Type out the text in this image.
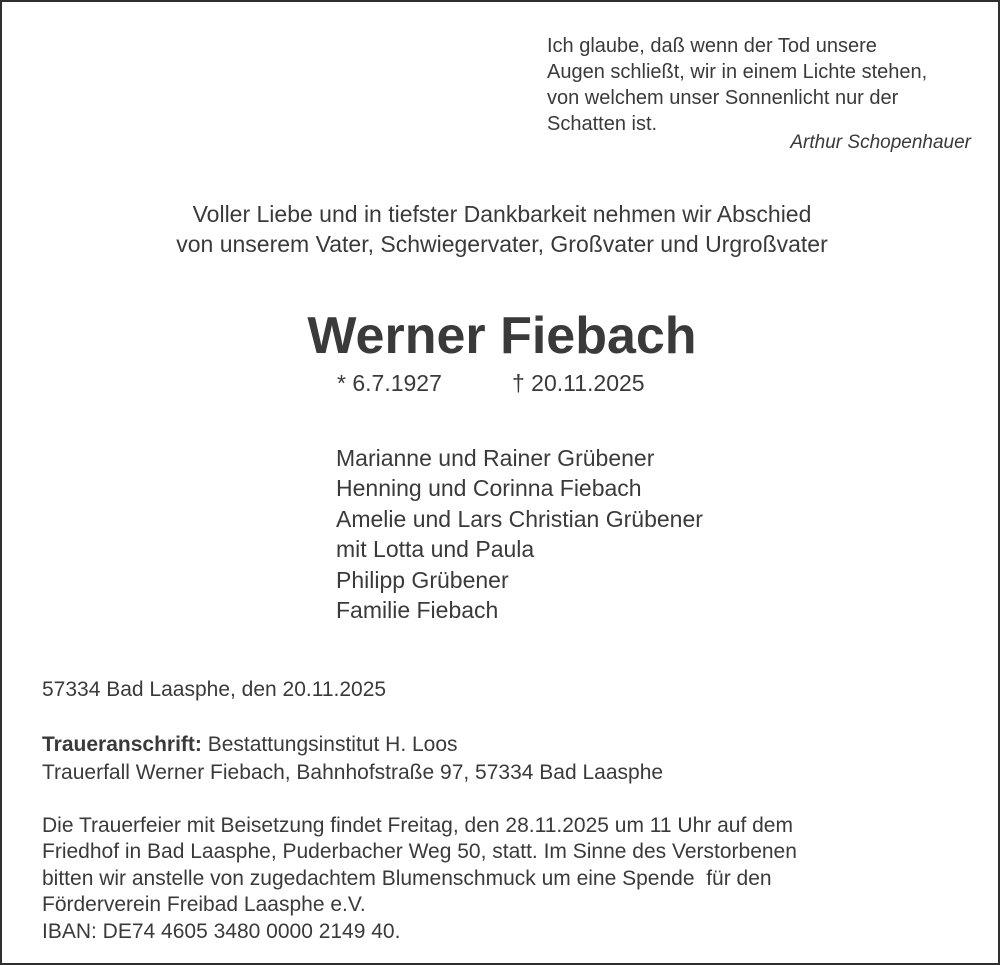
Ich glaube, daß wenn der Tod unsere
Augen schließt, wir in einem Lichte stehen,
von welchem unser Sonnenlicht nur der
Schatten ist.
Arthur Schopenhauer
Voller Liebe und in tiefster Dankbarkeit nehmen wir Abschied
von unserem Vater, Schwiegervater, Großvater und Urgroßvater
Werner Fiebach
* 6.7.1927	† 20.11.2025
Marianne und Rainer Grübener
Henning und Corinna Fiebach
Amelie und Lars Christian Grübener
mit Lotta und Paula
Philipp Grübener
Familie Fiebach
57334 Bad Laasphe, den 20.11.2025
Traueranschrift: Bestattungsinstitut H. Loos
Trauerfall Werner Fiebach, Bahnhofstraße 97, 57334 Bad Laasphe
Die Trauerfeier mit Beisetzung findet Freitag, den 28.11.2025 um 11 Uhr auf dem
Friedhof in Bad Laasphe, Puderbacher Weg 50, statt. Im Sinne des Verstorbenen
bitten wir anstelle von zugedachtem Blumenschmuck um eine Spende  für den
Förderverein Freibad Laasphe e.V.
IBAN: DE74 4605 3480 0000 2149 40.
